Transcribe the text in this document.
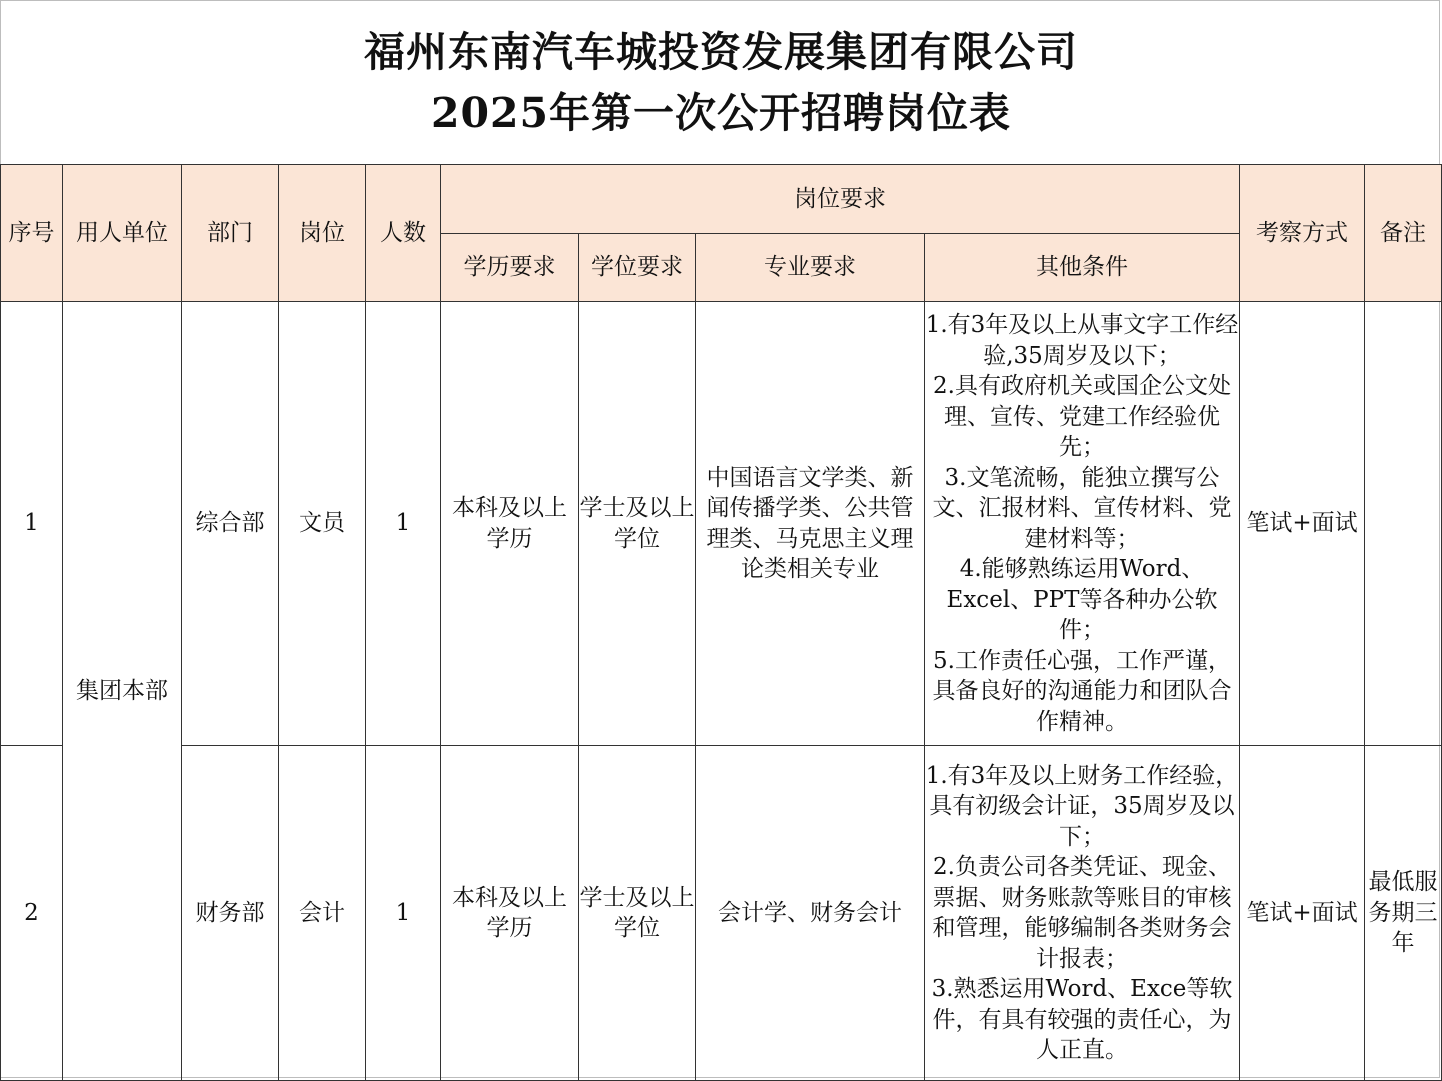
福州东南汽车城投资发展集团有限公司
2025年第一次公开招聘岗位表
序号	用人单位	部门	岗位	人数	岗位要求				考察方式	备注
					学历要求	学位要求	专业要求	其他条件		
1	集团本部	综合部	文员	1	本科及以上学历	学士及以上学位	中国语言文学类、新闻传播学类、公共管理类、马克思主义理论类相关专业	1.有3年及以上从事文字工作经验,35周岁及以下；
2.具有政府机关或国企公文处理、宣传、党建工作经验优先；
3.文笔流畅，能独立撰写公文、汇报材料、宣传材料、党建材料等；
4.能够熟练运用Word、Excel、PPT等各种办公软件；
5.工作责任心强，工作严谨，具备良好的沟通能力和团队合作精神。	笔试+面试	
2		财务部	会计	1	本科及以上学历	学士及以上学位	会计学、财务会计	1.有3年及以上财务工作经验，具有初级会计证，35周岁及以下；
2.负责公司各类凭证、现金、票据、财务账款等账目的审核和管理，能够编制各类财务会计报表；
3.熟悉运用Word、Exce等软件，有具有较强的责任心，为人正直。	笔试+面试	最低服务期三年
